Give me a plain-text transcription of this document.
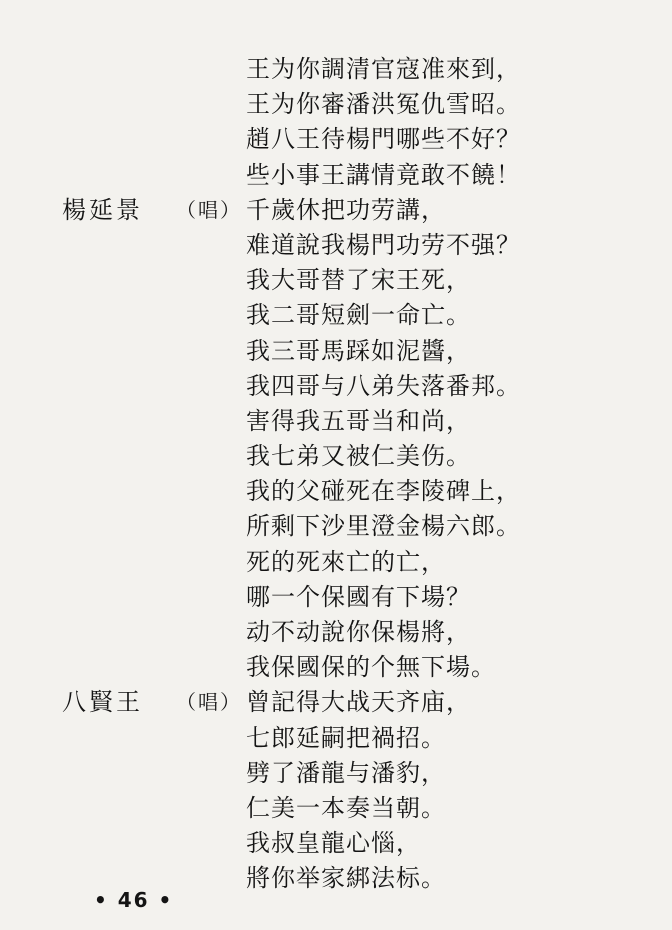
王为你調清官寇准來到，
王为你審潘洪冤仇雪昭。
趙八王待楊門哪些不好？
些小事王講情竟敢不饒！
楊延景 （唱） 千歲休把功劳講，
难道說我楊門功劳不强？
我大哥替了宋王死，
我二哥短劍一命亡。
我三哥馬踩如泥醬，
我四哥与八弟失落番邦。
害得我五哥当和尚，
我七弟又被仁美伤。
我的父碰死在李陵碑上，
所剩下沙里澄金楊六郎。
死的死來亡的亡，
哪一个保國有下場？
动不动說你保楊將，
我保國保的个無下場。
八賢王 （唱） 曾記得大战天齐庙，
七郎延嗣把禍招。
劈了潘龍与潘豹，
仁美一本奏当朝。
我叔皇龍心惱，
將你举家綁法标。
• 46 •
